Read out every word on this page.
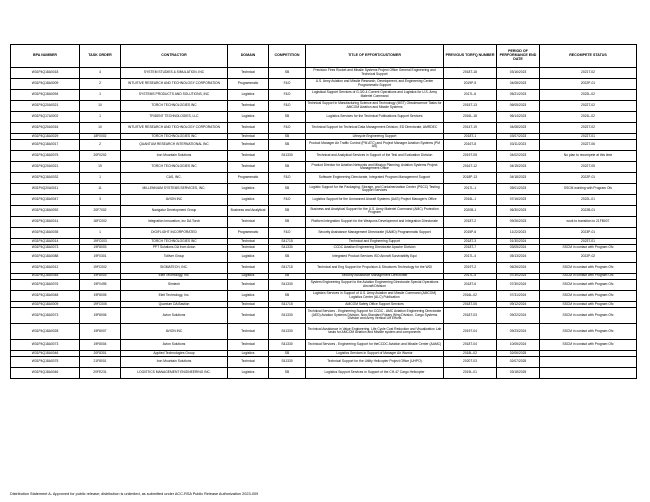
BPA NUMBER	TASK ORDER	CONTRACTOR	DOMAIN	COMPETITION	TITLE OF EFFORT/CUSTOMER	PREVIOUS TORFQ NUMBER	PERIOD OF PERFORMANCE END DATE	RECOMPETE STATUS
W31P4Q18A0018	4	SYSTEM STUDIES & SIMULATION, INC	Technical	SB	Precision Fires Rocket and Missile Systems Project Office General Engineering and Technical Support	2018T-18	03/16/2023	2021T-02
W31P4Q18A0009	2	INTUITIVE RESEARCH AND TECHNOLOGY CORPORATION	Programmatic	F&O	U.S. Army Aviation and Missile Research, Development, and Engineering Center Programmatic Support	2019P-5	04/08/2023	2022P-01
W31P4Q18A0094	1	SYSTEMS PRODUCTS AND SOLUTIONS, INC	Logistics	F&O	Logistical Support Services of G-3/0-4 Current Operations and Logistics for U.S. Army Materiel Command	2017L-6	05/21/2023	2022L-02
W31P4Q20A0021	10	TORCH TECHNOLOGIES INC	Technical	F&O	Technical Support in Manufacturing Science and Technology (MST) Obsolescence Tasks for AMCOM Aviation and Missile Systems	2015T-13	06/05/2023	2022T-02
W31P4Q17A0002	1	TRIDENT TECHNOLOGIES, LLC	Logistics	SB	Logistics Services for the Technical Publications Support Services	2016L-18	06/14/2023	2021L-02
W31P4Q20A0016	10	INTUITIVE RESEARCH AND TECHNOLOGY CORPORATION	Technical	F&O	Technical Support for Technical Data Management Division, ED Directorate, AMRDEC	2014T-19	04/08/2023	2022T-02
W31P4Q18A0029	18F0002	TORCH TECHNOLOGIES INC	Technical	SB	Lifecycle Engineering Support	2018T-1	03/07/2023	2022T-01
W31P4Q18A0017	2	QUANTUM RESEARCH INTERNATIONAL INC	Technical	SB	Product Manager Air Traffic Control (PM ATC) and Project Manager Aviation Systems (PM AS)	2016T-8	03/11/2023	2022T-06
W31P4Q18A0075	20F0202	Iron Mountain Solutions	Technical	S41330	Technical and Analytical Services in Support of the Test and Evaluation Division	2019T-05	04/02/2023	No plan to recompete at this time
W31P4Q20A0021	19	TORCH TECHNOLOGIES INC	Technical	SB	Product Director for Aviation Networks and Mission Planning, Aviation Systems Project Management Office	2016T-12	04/15/2023	2022T-05
W31P4Q18A0032	1	CAS, INC.	Programmatic	F&O	Software Engineering Directorate, Integrated Program Management Support	2018P-13	04/18/2023	2022P-01
W31P4Q20A0011	11	MILLENNIUM SYSTEMS SERVICES, INC.	Logistics	SB	Logistic Support for the Packaging, Storage, and Containerization Center (PSCC) Testing Support Services	2017L-1	05/01/2023	SSCM working with Program Ofc
W31P4Q18A0047	3	AVION INC	Logistics	F&O	Logistics Support for the Unmanned Aircraft Systems (UAS) Project Manager's Office	2016L-1	07/16/2023	2022L-01
W31P4Q18A0092	20F7002	Navigator Development Group	Business and Analytical	SB	Business and Analytical Support for the U.S. Army Materiel Command (AMC) Protection Program	2020B-1	06/30/2023	2022B-01
W31P4Q18A0014	18FC002	Integration Innovation, Inc DA Torch	Technical	SB	Platform Integration Support for the Weapons Development and Integration Directorate	2018T-2	09/26/2023	work to transition to 21FB007
W31P4Q18A0035	1	DIGIFLIGHT INCORPORATED	Programmatic	F&O	Security Assistance Management Directorate (SAMD) Programmatic Support	2015P-6	11/22/2023	2023P-01
W31P4Q18A0014	19FC003	TORCH TECHNOLOGIES INC	Technical	S41715	Technical and Engineering Support	2018T-3	01/30/2024	2023T-01
W31P4Q18A0073	19F8003	PPT Solutions DA from Avion	Technical	S41330	CCDC Aviation Engineering Directorate Apache Division	2018T-7	03/05/2024	SSCM in contact with Program Ofc
W31P4Q18A0088	19F0301	Tolliver Group	Logistics	SB	Integrated Product Services ISO Aircraft Survivability Equi	2017L-4	05/13/2024	2022P-02
W31P4Q18A0012	19FC002	SIGMATECH, INC.	Technical	S41715	Technical and Eng Support for Propulsion & Structures Technology for the WDI	2019T-2	06/26/2024	SSCM in contact with Program Ofc
W31P4Q18A0048	19F8003	Eleit Technology, Inc.	Logistics	SB	Security Assistance Management Directorate	2017L-5	07/30/2024	SSCM in contact with Program Ofc
W31P4Q18A0076	19F0495	Simtech	Technical	S41330	System Engineering Support to the Aviation Engineering Directorate Special Operations Aircraft Division	2018T-6	07/30/2024	SSCM in contact with Program Ofc
W31P4Q18A0048	19F8005	Eleit Technology, Inc.	Logistics	SB	Logistics Services in Support of U.S. Army Aviation and Missile Command (AMCOM) Logistics Center (ALC) Publication	2016L-02	07/31/2024	SSCM in contact with Program Ofc
W31P4Q18A0009	19FC005	Quantum DA Bastion	Technical	S41715	AMCOM Safety Office Support Services	2018T-05	09/12/2024	SSCM in contact with Program Ofc
W31P4Q18A0073	19F8006	Avion Solutions	Technical	S41330	Technical Services - Engineering Support for CCDC - AMC Aviation Engineering Directorate (AED) Aviation Systems Division, Non-Standard Rotary Wing Division, Cargo Systems Division and Army Vertical Lift Efforts	2018T-03	09/22/2024	SSCM in contact with Program Ofc
W31P4Q18A0028	19F8007	AVION INC	Technical	S41330	Technical Assistance in Value Engineering, Life Cycle Cost Reduction and Visualization Lab tasks for AMCOM Aviation and Missile system and components	2019T-04	09/23/2024	SSCM in contact with Program Ofc
W31P4Q18A0073	19F8004	Avion Solutions	Technical	S41330	Technical Services - Engineering Support for theCCDC Aviation and Missile Center (AAMC)	2018T-04	10/05/2024	SSCM in contact with Program Ofc
W31P4Q18A0046	20F8301	Applied Technologies Group	Logistics	SB	Logistics Services in Support of Manager Air Warrior	2018L-02	02/06/2025	
W31P4Q18A0075	21F8001	Iron Mountain Solutions	Technical	S41330	Technical Support for the Utility Helicopter Project Office (UHPO)	2020T-03	02/07/2025	
W31P4Q18A0046	20FE231	LOGISTICS MANAGEMENT ENGINEERING INC.	Logistics	SB	Logistics Support Services in Support of the CH-47 Cargo Helicopter	2019L-01	03/18/2025	
Distribution Statement A- Approved for public release; distribution is unlimited, as submitted under ACC-RSA Public Release Authorization 2023-009
